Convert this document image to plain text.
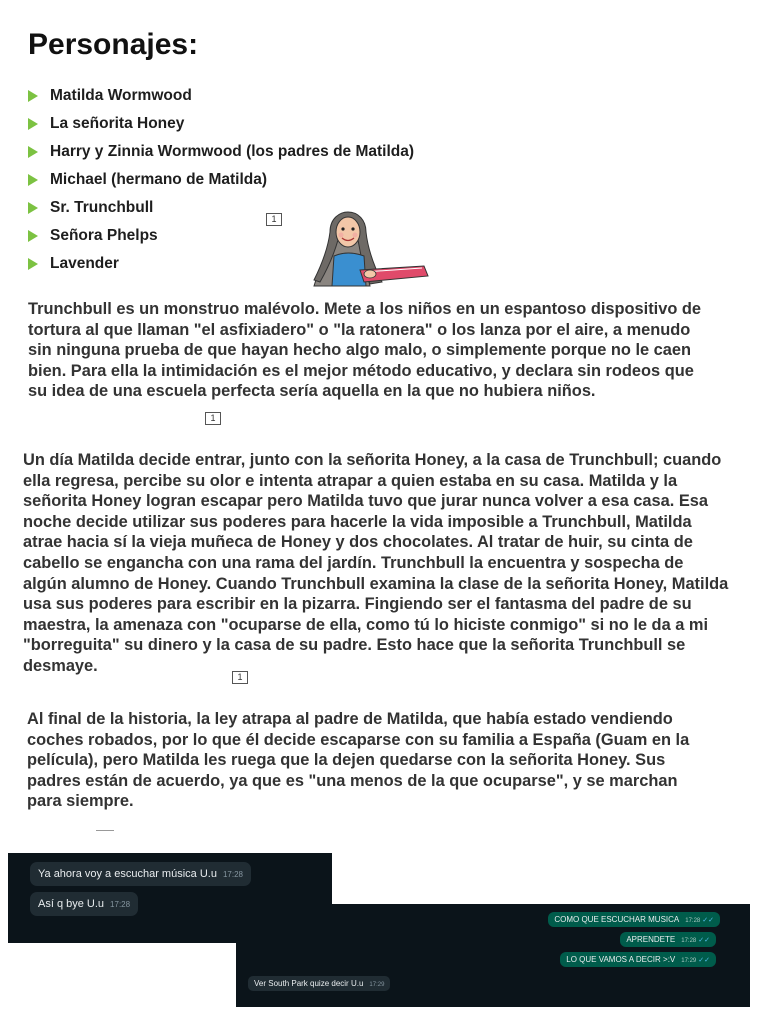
Personajes:
Matilda Wormwood
La señorita Honey
Harry y Zinnia Wormwood (los padres de Matilda)
Michael (hermano de Matilda)
Sr. Trunchbull
Señora Phelps
Lavender
1
Trunchbull es un monstruo malévolo. Mete a los niños en un espantoso dispositivo de
tortura al que llaman "el asfixiadero" o "la ratonera" o los lanza por el aire, a menudo
sin ninguna prueba de que hayan hecho algo malo, o simplemente porque no le caen
bien. Para ella la intimidación es el mejor método educativo, y declara sin rodeos que
su idea de una escuela perfecta sería aquella en la que no hubiera niños.
1
Un día Matilda decide entrar, junto con la señorita Honey, a la casa de Trunchbull; cuando
ella regresa, percibe su olor e intenta atrapar a quien estaba en su casa. Matilda y la
señorita Honey logran escapar pero Matilda tuvo que jurar nunca volver a esa casa. Esa
noche decide utilizar sus poderes para hacerle la vida imposible a Trunchbull, Matilda
atrae hacia sí la vieja muñeca de Honey y dos chocolates. Al tratar de huir, su cinta de
cabello se engancha con una rama del jardín. Trunchbull la encuentra y sospecha de
algún alumno de Honey. Cuando Trunchbull examina la clase de la señorita Honey, Matilda
usa sus poderes para escribir en la pizarra. Fingiendo ser el fantasma del padre de su
maestra, la amenaza con "ocuparse de ella, como tú lo hiciste conmigo" si no le da a mi
"borreguita" su dinero y la casa de su padre. Esto hace que la señorita Trunchbull se
desmaye.
1
Al final de la historia, la ley atrapa al padre de Matilda, que había estado vendiendo
coches robados, por lo que él decide escaparse con su familia a España (Guam en la
película), pero Matilda les ruega que la dejen quedarse con la señorita Honey. Sus
padres están de acuerdo, ya que es "una menos de la que ocuparse", y se marchan
para siempre.
Ya ahora voy a escuchar música U.u 17:28
Así q bye U.u 17:28
COMO QUE ESCUCHAR MUSICA 17:28 ✓✓
APRENDETE 17:28 ✓✓
LO QUE VAMOS A DECIR >:V 17:29 ✓✓
Ver South Park quize decir U.u 17:29
